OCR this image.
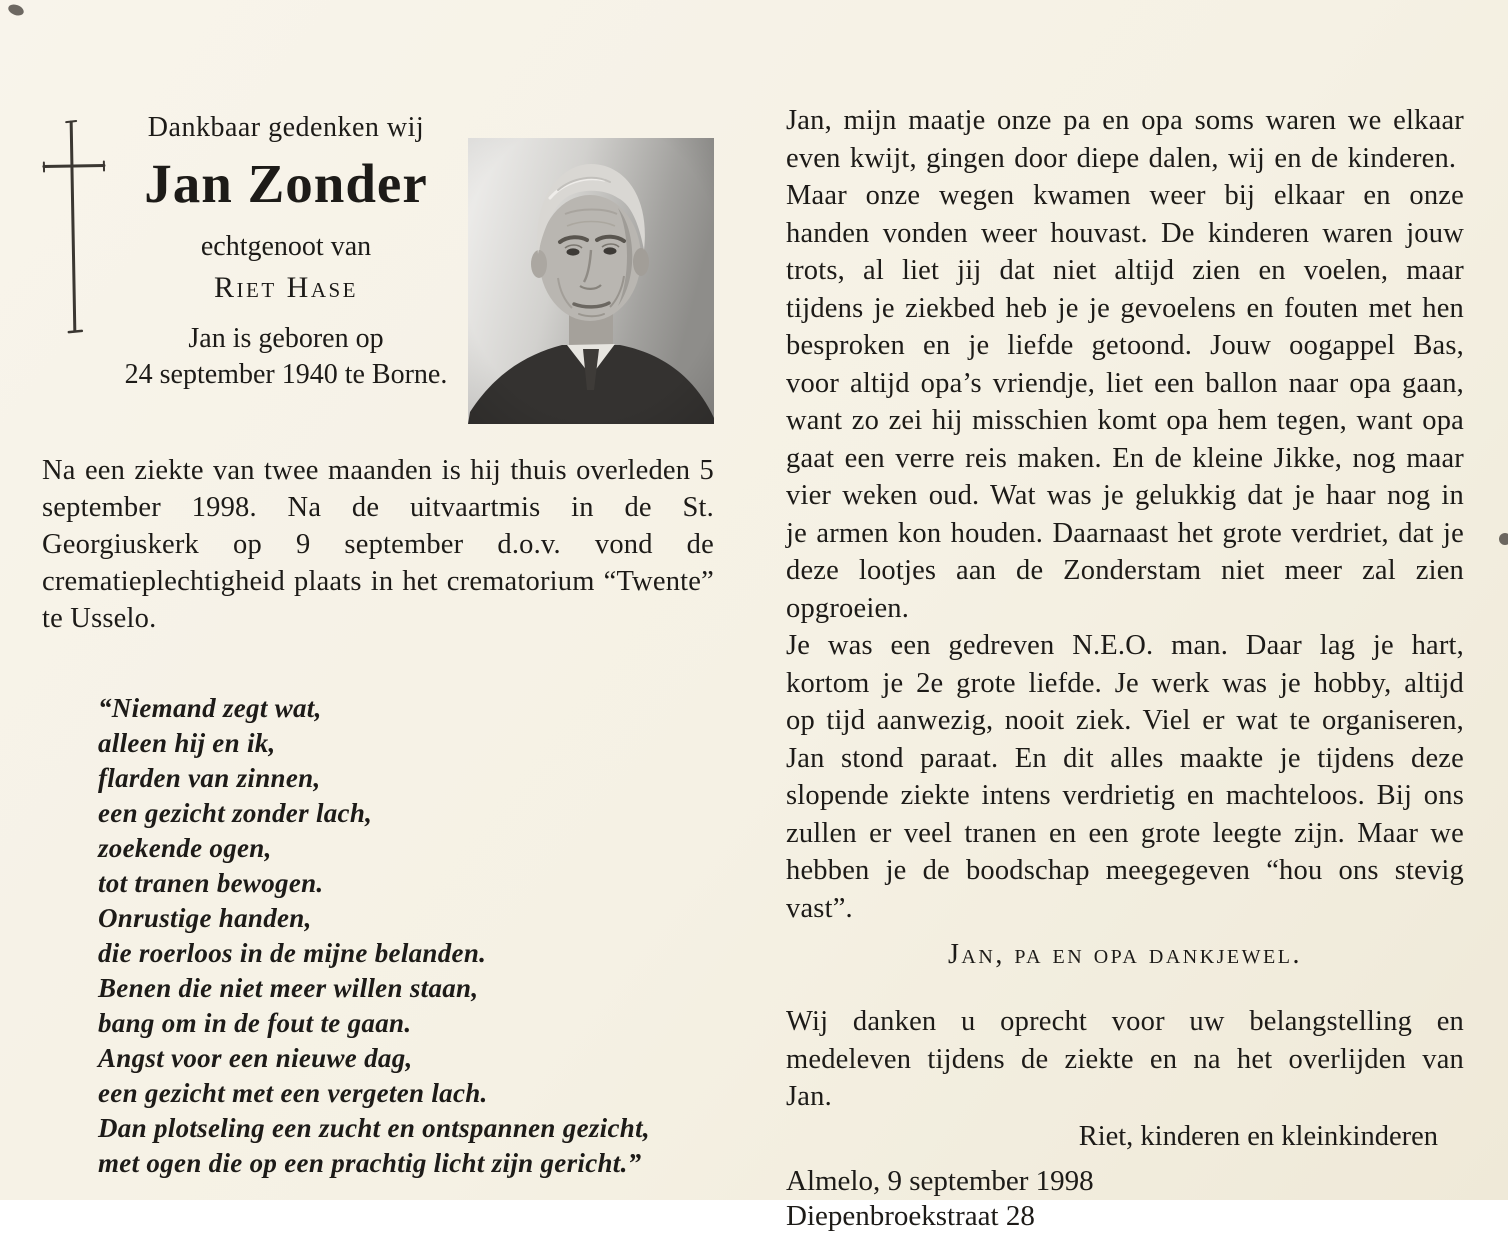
Dankbaar gedenken wij
Jan Zonder
echtgenoot van
Riet Hase
Jan is geboren op
24 september 1940 te Borne.

Na een ziekte van twee maanden is hij thuis overleden 5 september 1998. Na de uitvaartmis in de St. Georgiuskerk op 9 september d.o.v. vond de crematieplechtigheid plaats in het crematorium “Twente” te Usselo.

“Niemand zegt wat,
alleen hij en ik,
flarden van zinnen,
een gezicht zonder lach,
zoekende ogen,
tot tranen bewogen.
Onrustige handen,
die roerloos in de mijne belanden.
Benen die niet meer willen staan,
bang om in de fout te gaan.
Angst voor een nieuwe dag,
een gezicht met een vergeten lach.
Dan plotseling een zucht en ontspannen gezicht,
met ogen die op een prachtig licht zijn gericht.”

Jan, mijn maatje onze pa en opa soms waren we elkaar even kwijt, gingen door diepe dalen, wij en de kinderen.

Maar onze wegen kwamen weer bij elkaar en onze handen vonden weer houvast. De kinderen waren jouw trots, al liet jij dat niet altijd zien en voelen, maar tijdens je ziekbed heb je je gevoelens en fouten met hen besproken en je liefde getoond. Jouw oogappel Bas, voor altijd opa’s vriendje, liet een ballon naar opa gaan, want zo zei hij misschien komt opa hem tegen, want opa gaat een verre reis maken. En de kleine Jikke, nog maar vier weken oud. Wat was je gelukkig dat je haar nog in je armen kon houden. Daarnaast het grote verdriet, dat je deze lootjes aan de Zonderstam niet meer zal zien opgroeien.

Je was een gedreven N.E.O. man. Daar lag je hart, kortom je 2e grote liefde. Je werk was je hobby, altijd op tijd aanwezig, nooit ziek. Viel er wat te organiseren, Jan stond paraat. En dit alles maakte je tijdens deze slopende ziekte intens verdrietig en machteloos. Bij ons zullen er veel tranen en een grote leegte zijn. Maar we hebben je de boodschap meegegeven “hou ons stevig vast”.

Jan, pa en opa dankjewel.

Wij danken u oprecht voor uw belangstelling en medeleven tijdens de ziekte en na het overlijden van Jan.

Riet, kinderen en kleinkinderen
Almelo, 9 september 1998
Diepenbroekstraat 28
